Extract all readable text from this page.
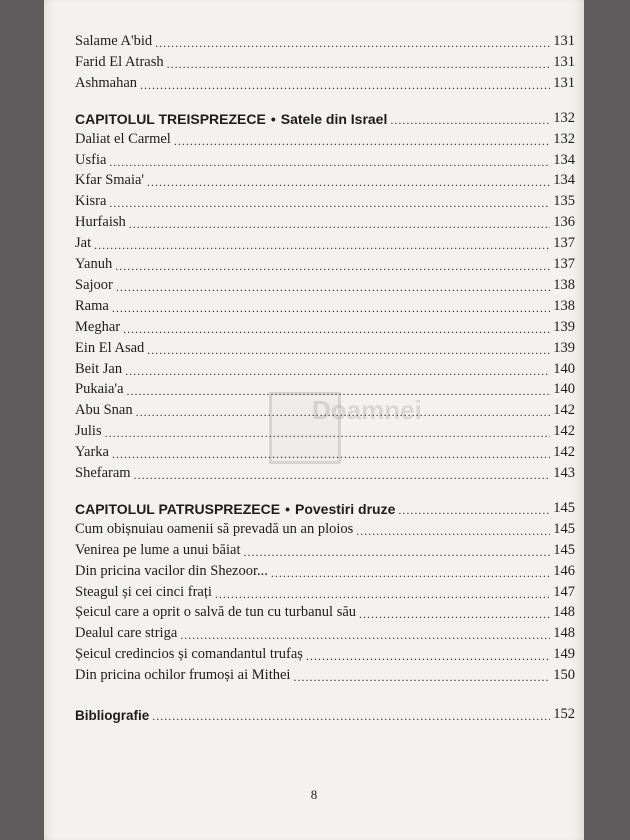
Doamnei
Salame A'bid .....	131
Farid El Atrash .....	131
Ashmahan .....	131
CAPITOLUL TREISPREZECE • Satele din Israel .....	132
Daliat el Carmel .....	132
Usfia .....	134
Kfar Smaia' .....	134
Kisra .....	135
Hurfaish .....	136
Jat .....	137
Yanuh .....	137
Sajoor .....	138
Rama .....	138
Meghar .....	139
Ein El Asad .....	139
Beit Jan .....	140
Pukaia'a .....	140
Abu Snan .....	142
Julis .....	142
Yarka .....	142
Shefaram .....	143
CAPITOLUL PATRUSPREZECE • Povestiri druze .....	145
Cum obișnuiau oamenii să prevadă un an ploios .....	145
Venirea pe lume a unui băiat .....	145
Din pricina vacilor din Shezoor... .....	146
Steagul și cei cinci frați .....	147
Șeicul care a oprit o salvă de tun cu turbanul său .....	148
Dealul care striga .....	148
Șeicul credincios și comandantul trufaș .....	149
Din pricina ochilor frumoși ai Mithei .....	150
Bibliografie .....	152
8
